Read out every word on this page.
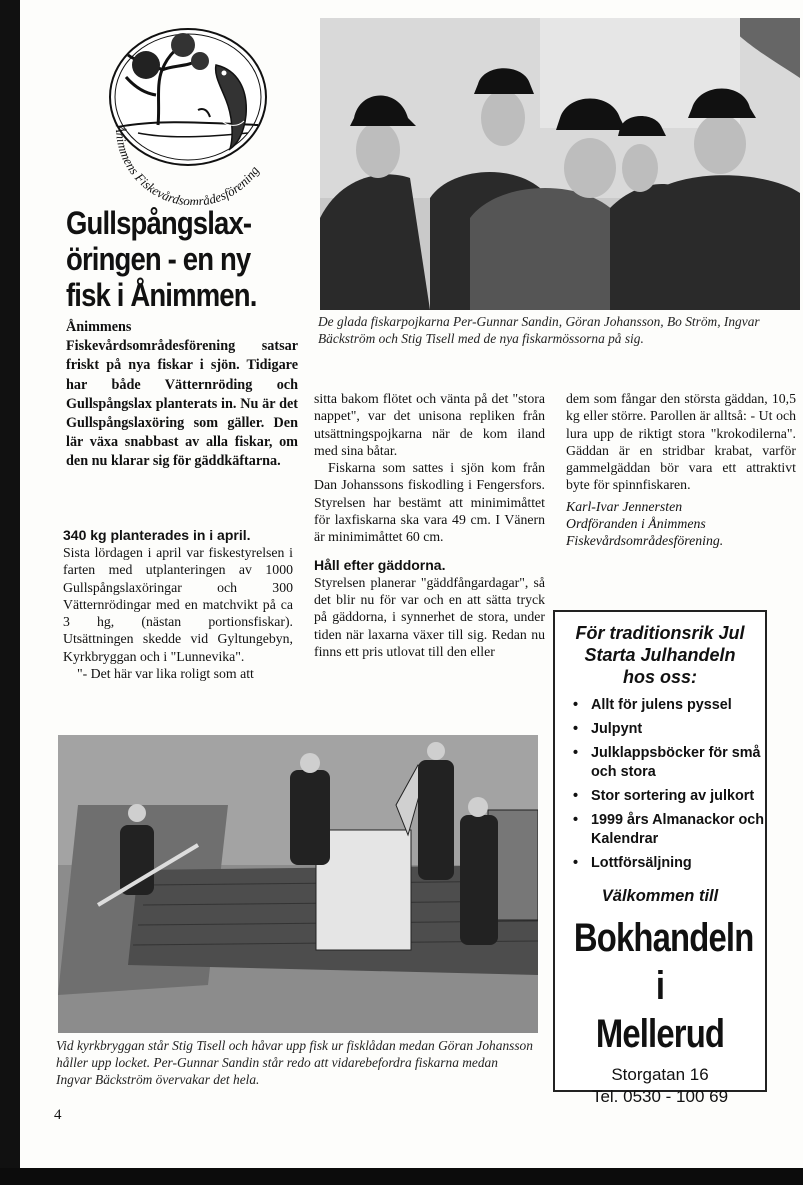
Ånimmens Fiskevårdsområdesförening
Gullspångslax-
öringen - en ny
fisk i Ånimmen.

De glada fiskarpojkarna Per-Gunnar Sandin, Göran Johansson, Bo Ström, Ingvar Bäckström och Stig Tisell med de nya fiskarmössorna på sig.

Ånimmens Fiskevårdsområdesförening satsar friskt på nya fiskar i sjön. Tidigare har både Vätternröding och Gullspångslax planterats in. Nu är det Gullspångslaxöring som gäller. Den lär växa snabbast av alla fiskar, om den nu klarar sig för gäddkäftarna.

340 kg planterades in i april.

Sista lördagen i april var fiskestyrelsen i farten med utplanteringen av 1000 Gullspångslaxöringar och 300 Vätternrödingar med en matchvikt på ca 3 hg, (nästan portionsfiskar). Utsättningen skedde vid Gyltungebyn, Kyrkbryggan och i "Lunnevika".

"- Det här var lika roligt som att

sitta bakom flötet och vänta på det "stora nappet", var det unisona repliken från utsättningspojkarna när de kom iland med sina båtar.

Fiskarna som sattes i sjön kom från Dan Johanssons fiskodling i Fengersfors. Styrelsen har bestämt att minimimåttet för laxfiskarna ska vara 49 cm. I Vänern är minimimåttet 60 cm.

Håll efter gäddorna.

Styrelsen planerar "gäddfångardagar", så det blir nu för var och en att sätta tryck på gäddorna, i synnerhet de stora, under tiden när laxarna växer till sig. Redan nu finns ett pris utlovat till den eller

dem som fångar den största gäddan, 10,5 kg eller större. Parollen är alltså: - Ut och lura upp de riktigt stora "krokodilerna". Gäddan är en stridbar krabat, varför gammelgäddan bör vara ett attraktivt byte för spinnfiskaren.

Karl-Ivar Jennersten

Ordföranden i Ånimmens Fiskevårdsområdesförening.

Vid kyrkbryggan står Stig Tisell och håvar upp fisk ur fisklådan medan Göran Johansson håller upp locket. Per-Gunnar Sandin står redo att vidarebefordra fiskarna medan Ingvar Bäckström övervakar det hela.

För traditionsrik Jul
Starta Julhandeln
hos oss:
• Allt för julens pyssel
• Julpynt
• Julklappsböcker för små och stora
• Stor sortering av julkort
• 1999 års Almanackor och Kalendrar
• Lottförsäljning
Välkommen till
Bokhandeln i
Mellerud
Storgatan 16
Tel. 0530 - 100 69
4
